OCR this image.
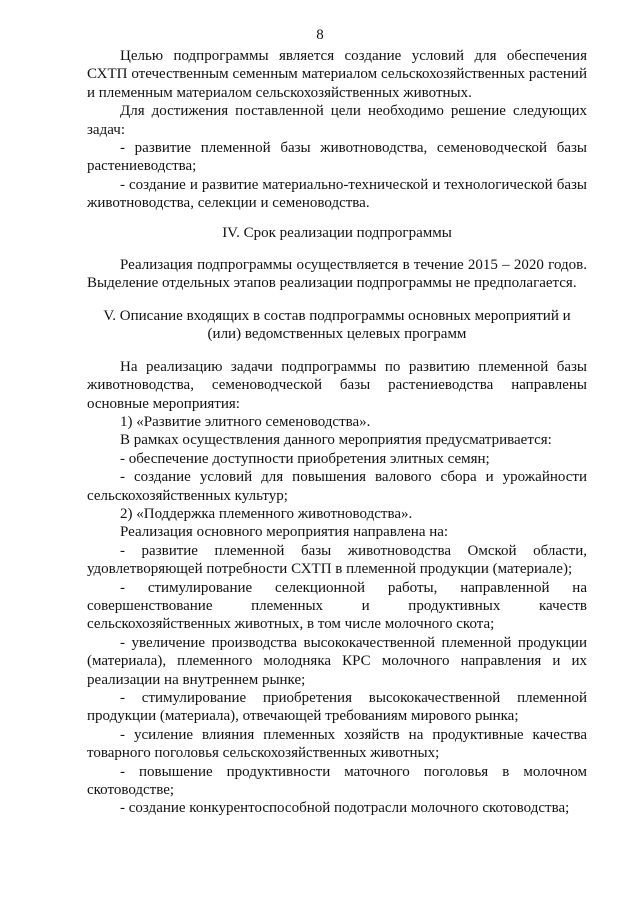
8

Целью подпрограммы является создание условий для обеспечения СХТП отечественным семенным материалом сельскохозяйственных растений и племенным материалом сельскохозяйственных животных.

Для достижения поставленной цели необходимо решение следующих задач:

- развитие племенной базы животноводства, семеноводческой базы растениеводства;

- создание и развитие материально-технической и технологической базы животноводства, селекции и семеноводства.

IV. Срок реализации подпрограммы

Реализация подпрограммы осуществляется в течение 2015 – 2020 годов. Выделение отдельных этапов реализации подпрограммы не предполагается.

V. Описание входящих в состав подпрограммы основных мероприятий и
(или) ведомственных целевых программ

На реализацию задачи подпрограммы по развитию племенной базы животноводства, семеноводческой базы растениеводства направлены основные мероприятия:

1) «Развитие элитного семеноводства».

В рамках осуществления данного мероприятия предусматривается:

- обеспечение доступности приобретения элитных семян;

- создание условий для повышения валового сбора и урожайности сельскохозяйственных культур;

2) «Поддержка племенного животноводства».

Реализация основного мероприятия направлена на:

- развитие племенной базы животноводства Омской области, удовлетворяющей потребности СХТП в племенной продукции (материале);

- стимулирование селекционной работы, направленной на совершенствование племенных и продуктивных качеств сельскохозяйственных животных, в том числе молочного скота;

- увеличение производства высококачественной племенной продукции (материала), племенного молодняка КРС молочного направления и их реализации на внутреннем рынке;

- стимулирование приобретения высококачественной племенной продукции (материала), отвечающей требованиям мирового рынка;

- усиление влияния племенных хозяйств на продуктивные качества товарного поголовья сельскохозяйственных животных;

- повышение продуктивности маточного поголовья в молочном скотоводстве;

- создание конкурентоспособной подотрасли молочного скотоводства;
